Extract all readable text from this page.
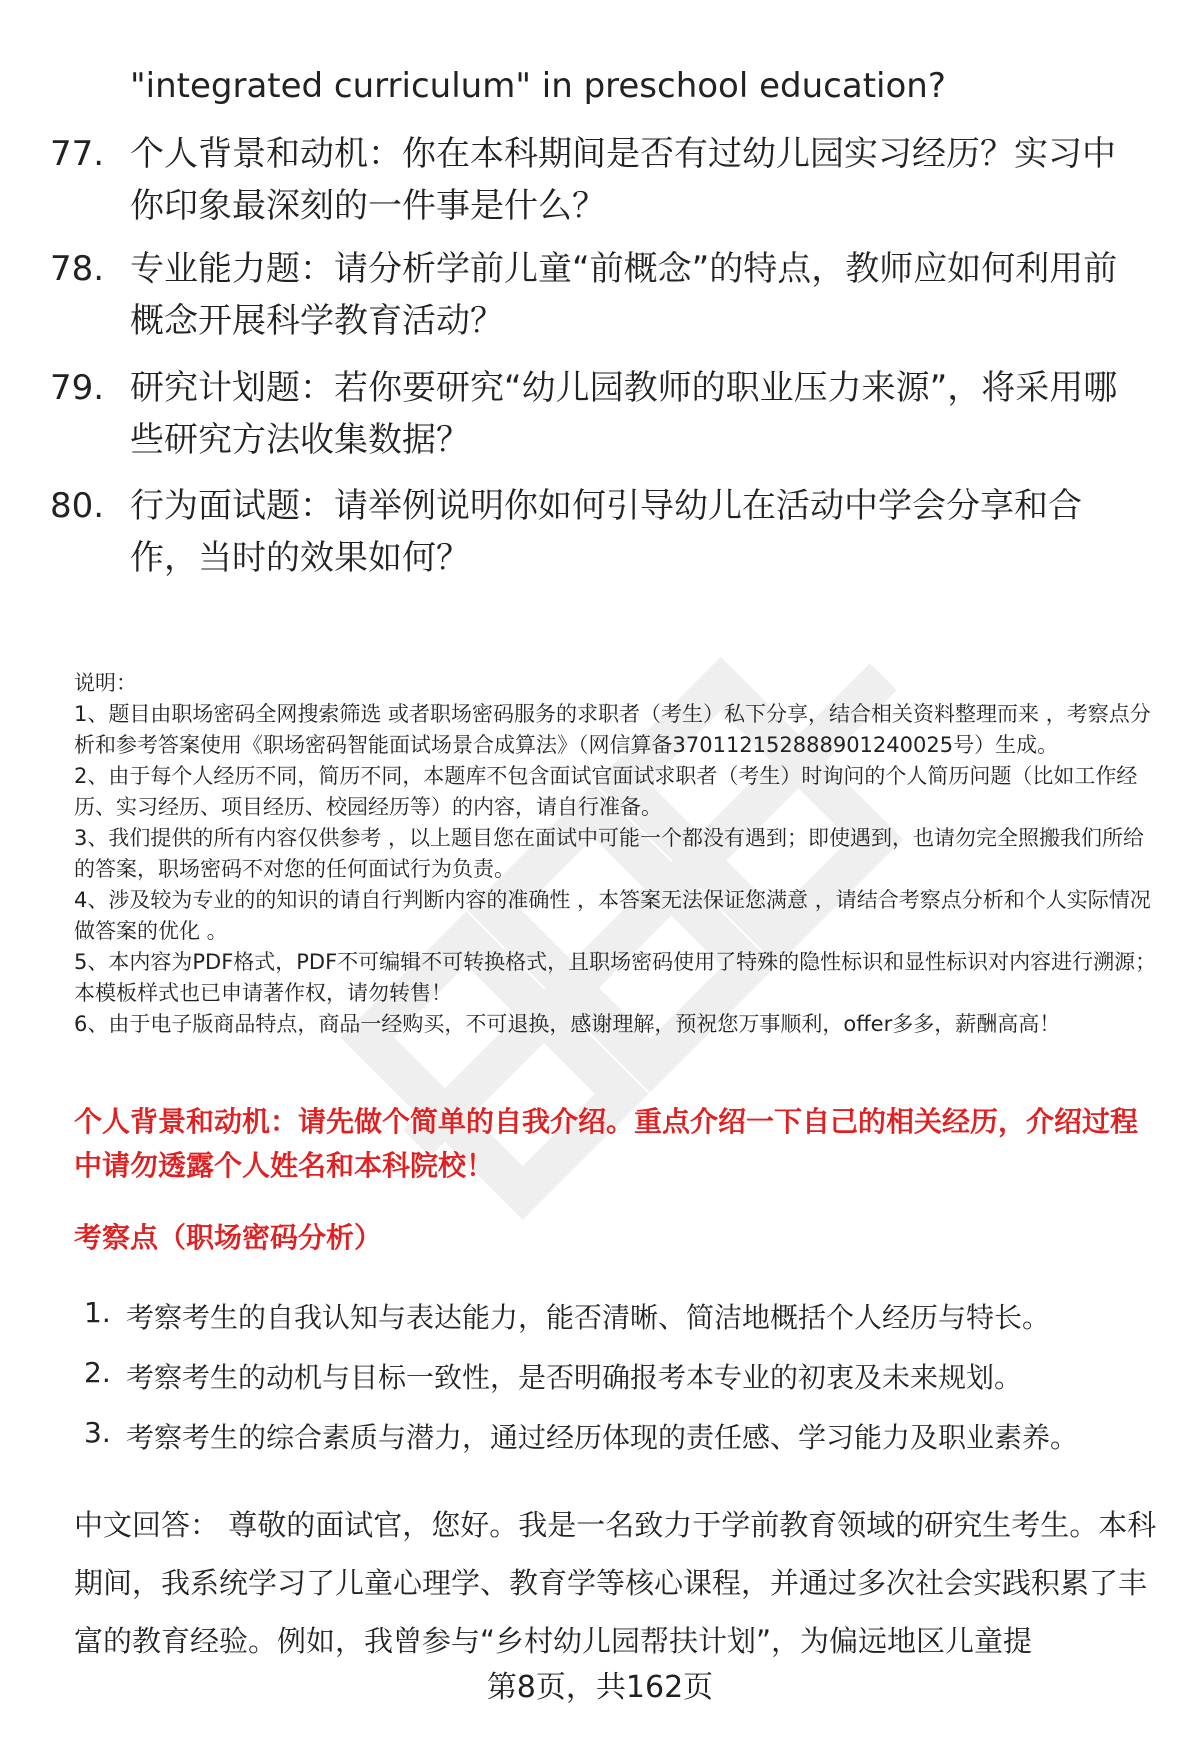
"integrated curriculum" in preschool education?
77. 个人背景和动机：你在本科期间是否有过幼儿园实习经历？实习中你印象最深刻的一件事是什么？
78. 专业能力题：请分析学前儿童“前概念”的特点，教师应如何利用前概念开展科学教育活动？
79. 研究计划题：若你要研究“幼儿园教师的职业压力来源”，将采用哪些研究方法收集数据？
80. 行为面试题：请举例说明你如何引导幼儿在活动中学会分享和合作，当时的效果如何？

说明：

1、题目由职场密码全网搜索筛选 或者职场密码服务的求职者（考生）私下分享，结合相关资料整理而来 ，考察点分析和参考答案使用《职场密码智能面试场景合成算法》（网信算备370112152888901240025号）生成。

2、由于每个人经历不同，简历不同，本题库不包含面试官面试求职者（考生）时询问的个人简历问题（比如工作经历、实习经历、项目经历、校园经历等）的内容，请自行准备。

3、我们提供的所有内容仅供参考 ，以上题目您在面试中可能一个都没有遇到；即使遇到，也请勿完全照搬我们所给的答案，职场密码不对您的任何面试行为负责。

4、涉及较为专业的的知识的请自行判断内容的准确性 ，本答案无法保证您满意 ，请结合考察点分析和个人实际情况做答案的优化 。

5、本内容为PDF格式，PDF不可编辑不可转换格式，且职场密码使用了特殊的隐性标识和显性标识对内容进行溯源；本模板样式也已申请著作权，请勿转售！

6、由于电子版商品特点，商品一经购买，不可退换，感谢理解，预祝您万事顺利，offer多多，薪酬高高！

个人背景和动机：请先做个简单的自我介绍。重点介绍一下自己的相关经历，介绍过程中请勿透露个人姓名和本科院校！
考察点（职场密码分析）
1. 考察考生的自我认知与表达能力，能否清晰、简洁地概括个人经历与特长。
2. 考察考生的动机与目标一致性，是否明确报考本专业的初衷及未来规划。
3. 考察考生的综合素质与潜力，通过经历体现的责任感、学习能力及职业素养。
中文回答： 尊敬的面试官，您好。我是一名致力于学前教育领域的研究生考生。本科期间，我系统学习了儿童心理学、教育学等核心课程，并通过多次社会实践积累了丰富的教育经验。例如，我曾参与“乡村幼儿园帮扶计划”，为偏远地区儿童提
第8页，共162页
